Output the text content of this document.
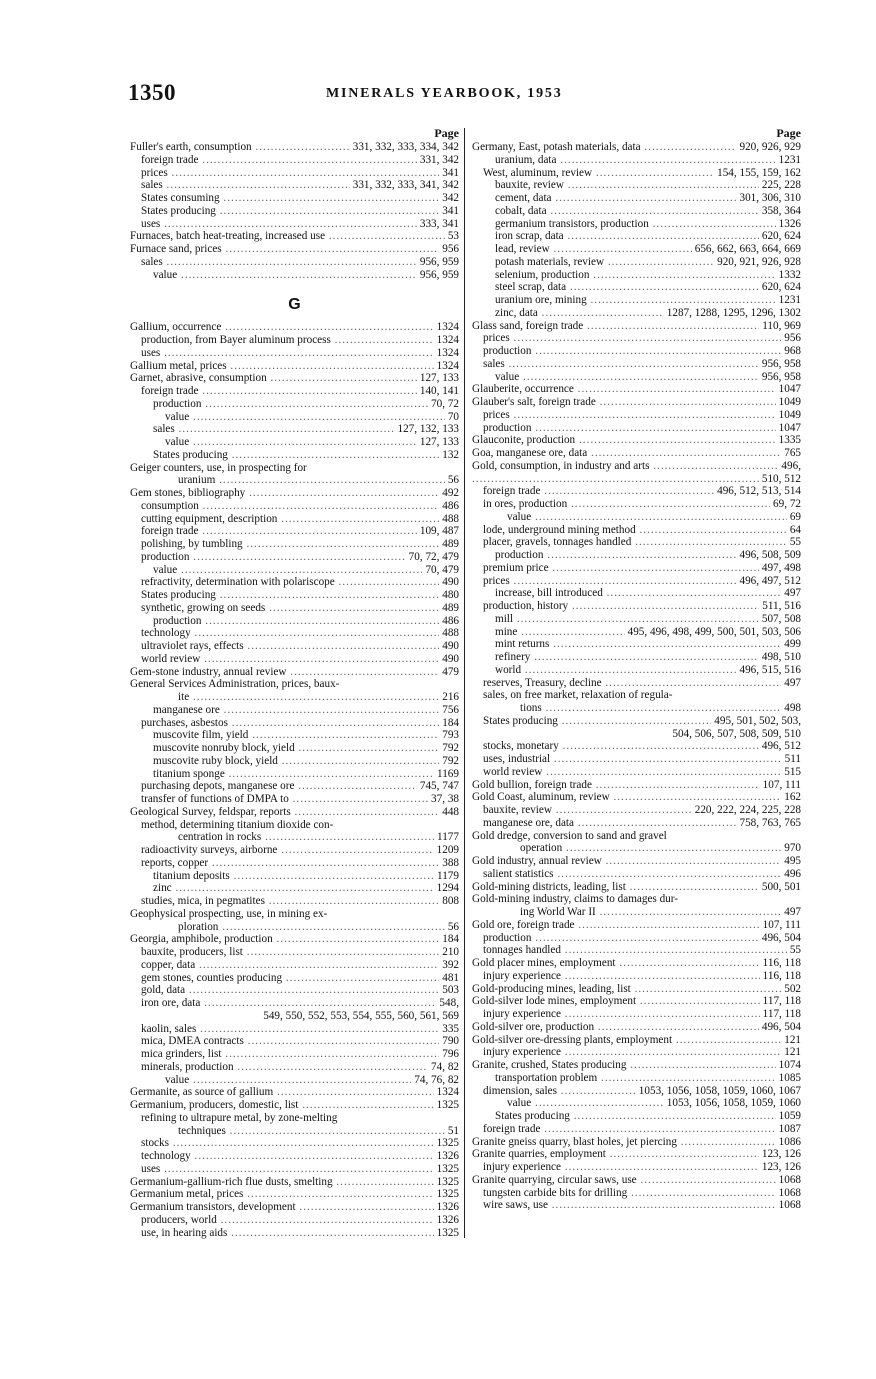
1350	MINERALS YEARBOOK, 1953
Page
Fuller's earth, consumption .....	331, 332, 333, 334, 342
foreign trade .....	331, 342
prices .....	341
sales .....	331, 332, 333, 341, 342
States consuming .....	342
States producing .....	341
uses .....	333, 341
Furnaces, batch heat-treating, increased use .....	53
Furnace sand, prices .....	956
sales .....	956, 959
value .....	956, 959
G
Gallium, occurrence .....	1324
production, from Bayer aluminum process .....	1324
uses .....	1324
Gallium metal, prices .....	1324
Garnet, abrasive, consumption .....	127, 133
foreign trade .....	140, 141
production .....	70, 72
value .....	70
sales .....	127, 132, 133
value .....	127, 133
States producing .....	132
Geiger counters, use, in prospecting for
uranium .....	56
Gem stones, bibliography .....	492
consumption .....	486
cutting equipment, description .....	488
foreign trade .....	109, 487
polishing, by tumbling .....	489
production .....	70, 72, 479
value .....	70, 479
refractivity, determination with polariscope .....	490
States producing .....	480
synthetic, growing on seeds .....	489
production .....	486
technology .....	488
ultraviolet rays, effects .....	490
world review .....	490
Gem-stone industry, annual review .....	479
General Services Administration, prices, baux-
ite .....	216
manganese ore .....	756
purchases, asbestos .....	184
muscovite film, yield .....	793
muscovite nonruby block, yield .....	792
muscovite ruby block, yield .....	792
titanium sponge .....	1169
purchasing depots, manganese ore .....	745, 747
transfer of functions of DMPA to .....	37, 38
Geological Survey, feldspar, reports .....	448
method, determining titanium dioxide con-
centration in rocks .....	1177
radioactivity surveys, airborne .....	1209
reports, copper .....	388
titanium deposits .....	1179
zinc .....	1294
studies, mica, in pegmatites .....	808
Geophysical prospecting, use, in mining ex-
ploration .....	56
Georgia, amphibole, production .....	184
bauxite, producers, list .....	210
copper, data .....	392
gem stones, counties producing .....	481
gold, data .....	503
iron ore, data .....	548,
549, 550, 552, 553, 554, 555, 560, 561, 569
kaolin, sales .....	335
mica, DMEA contracts .....	790
mica grinders, list .....	796
minerals, production .....	74, 82
value .....	74, 76, 82
Germanite, as source of gallium .....	1324
Germanium, producers, domestic, list .....	1325
refining to ultrapure metal, by zone-melting
techniques .....	51
stocks .....	1325
technology .....	1326
uses .....	1325
Germanium-gallium-rich flue dusts, smelting .....	1325
Germanium metal, prices .....	1325
Germanium transistors, development .....	1326
producers, world .....	1326
use, in hearing aids .....	1325
Page
Germany, East, potash materials, data .....	920, 926, 929
uranium, data .....	1231
West, aluminum, review .....	154, 155, 159, 162
bauxite, review .....	225, 228
cement, data .....	301, 306, 310
cobalt, data .....	358, 364
germanium transistors, production .....	1326
iron scrap, data .....	620, 624
lead, review .....	656, 662, 663, 664, 669
potash materials, review .....	920, 921, 926, 928
selenium, production .....	1332
steel scrap, data .....	620, 624
uranium ore, mining .....	1231
zinc, data .....	1287, 1288, 1295, 1296, 1302
Glass sand, foreign trade .....	110, 969
prices .....	956
production .....	968
sales .....	956, 958
value .....	956, 958
Glauberite, occurrence .....	1047
Glauber's salt, foreign trade .....	1049
prices .....	1049
production .....	1047
Glauconite, production .....	1335
Goa, manganese ore, data .....	765
Gold, consumption, in industry and arts .....	496,
.....
510, 512
foreign trade .....	496, 512, 513, 514
in ores, production .....	69, 72
value .....	69
lode, underground mining method .....	64
placer, gravels, tonnages handled .....	55
production .....	496, 508, 509
premium price .....	497, 498
prices .....	496, 497, 512
increase, bill introduced .....	497
production, history .....	511, 516
mill .....	507, 508
mine .....	495, 496, 498, 499, 500, 501, 503, 506
mint returns .....	499
refinery .....	498, 510
world .....	496, 515, 516
reserves, Treasury, decline .....	497
sales, on free market, relaxation of regula-
tions .....	498
States producing .....	495, 501, 502, 503,
504, 506, 507, 508, 509, 510
stocks, monetary .....	496, 512
uses, industrial .....	511
world review .....	515
Gold bullion, foreign trade .....	107, 111
Gold Coast, aluminum, review .....	162
bauxite, review .....	220, 222, 224, 225, 228
manganese ore, data .....	758, 763, 765
Gold dredge, conversion to sand and gravel
operation .....	970
Gold industry, annual review .....	495
salient statistics .....	496
Gold-mining districts, leading, list .....	500, 501
Gold-mining industry, claims to damages dur-
ing World War II .....	497
Gold ore, foreign trade .....	107, 111
production .....	496, 504
tonnages handled .....	55
Gold placer mines, employment .....	116, 118
injury experience .....	116, 118
Gold-producing mines, leading, list .....	502
Gold-silver lode mines, employment .....	117, 118
injury experience .....	117, 118
Gold-silver ore, production .....	496, 504
Gold-silver ore-dressing plants, employment .....	121
injury experience .....	121
Granite, crushed, States producing .....	1074
transportation problem .....	1085
dimension, sales .....	1053, 1056, 1058, 1059, 1060, 1067
value .....	1053, 1056, 1058, 1059, 1060
States producing .....	1059
foreign trade .....	1087
Granite gneiss quarry, blast holes, jet piercing .....	1086
Granite quarries, employment .....	123, 126
injury experience .....	123, 126
Granite quarrying, circular saws, use .....	1068
tungsten carbide bits for drilling .....	1068
wire saws, use .....	1068
